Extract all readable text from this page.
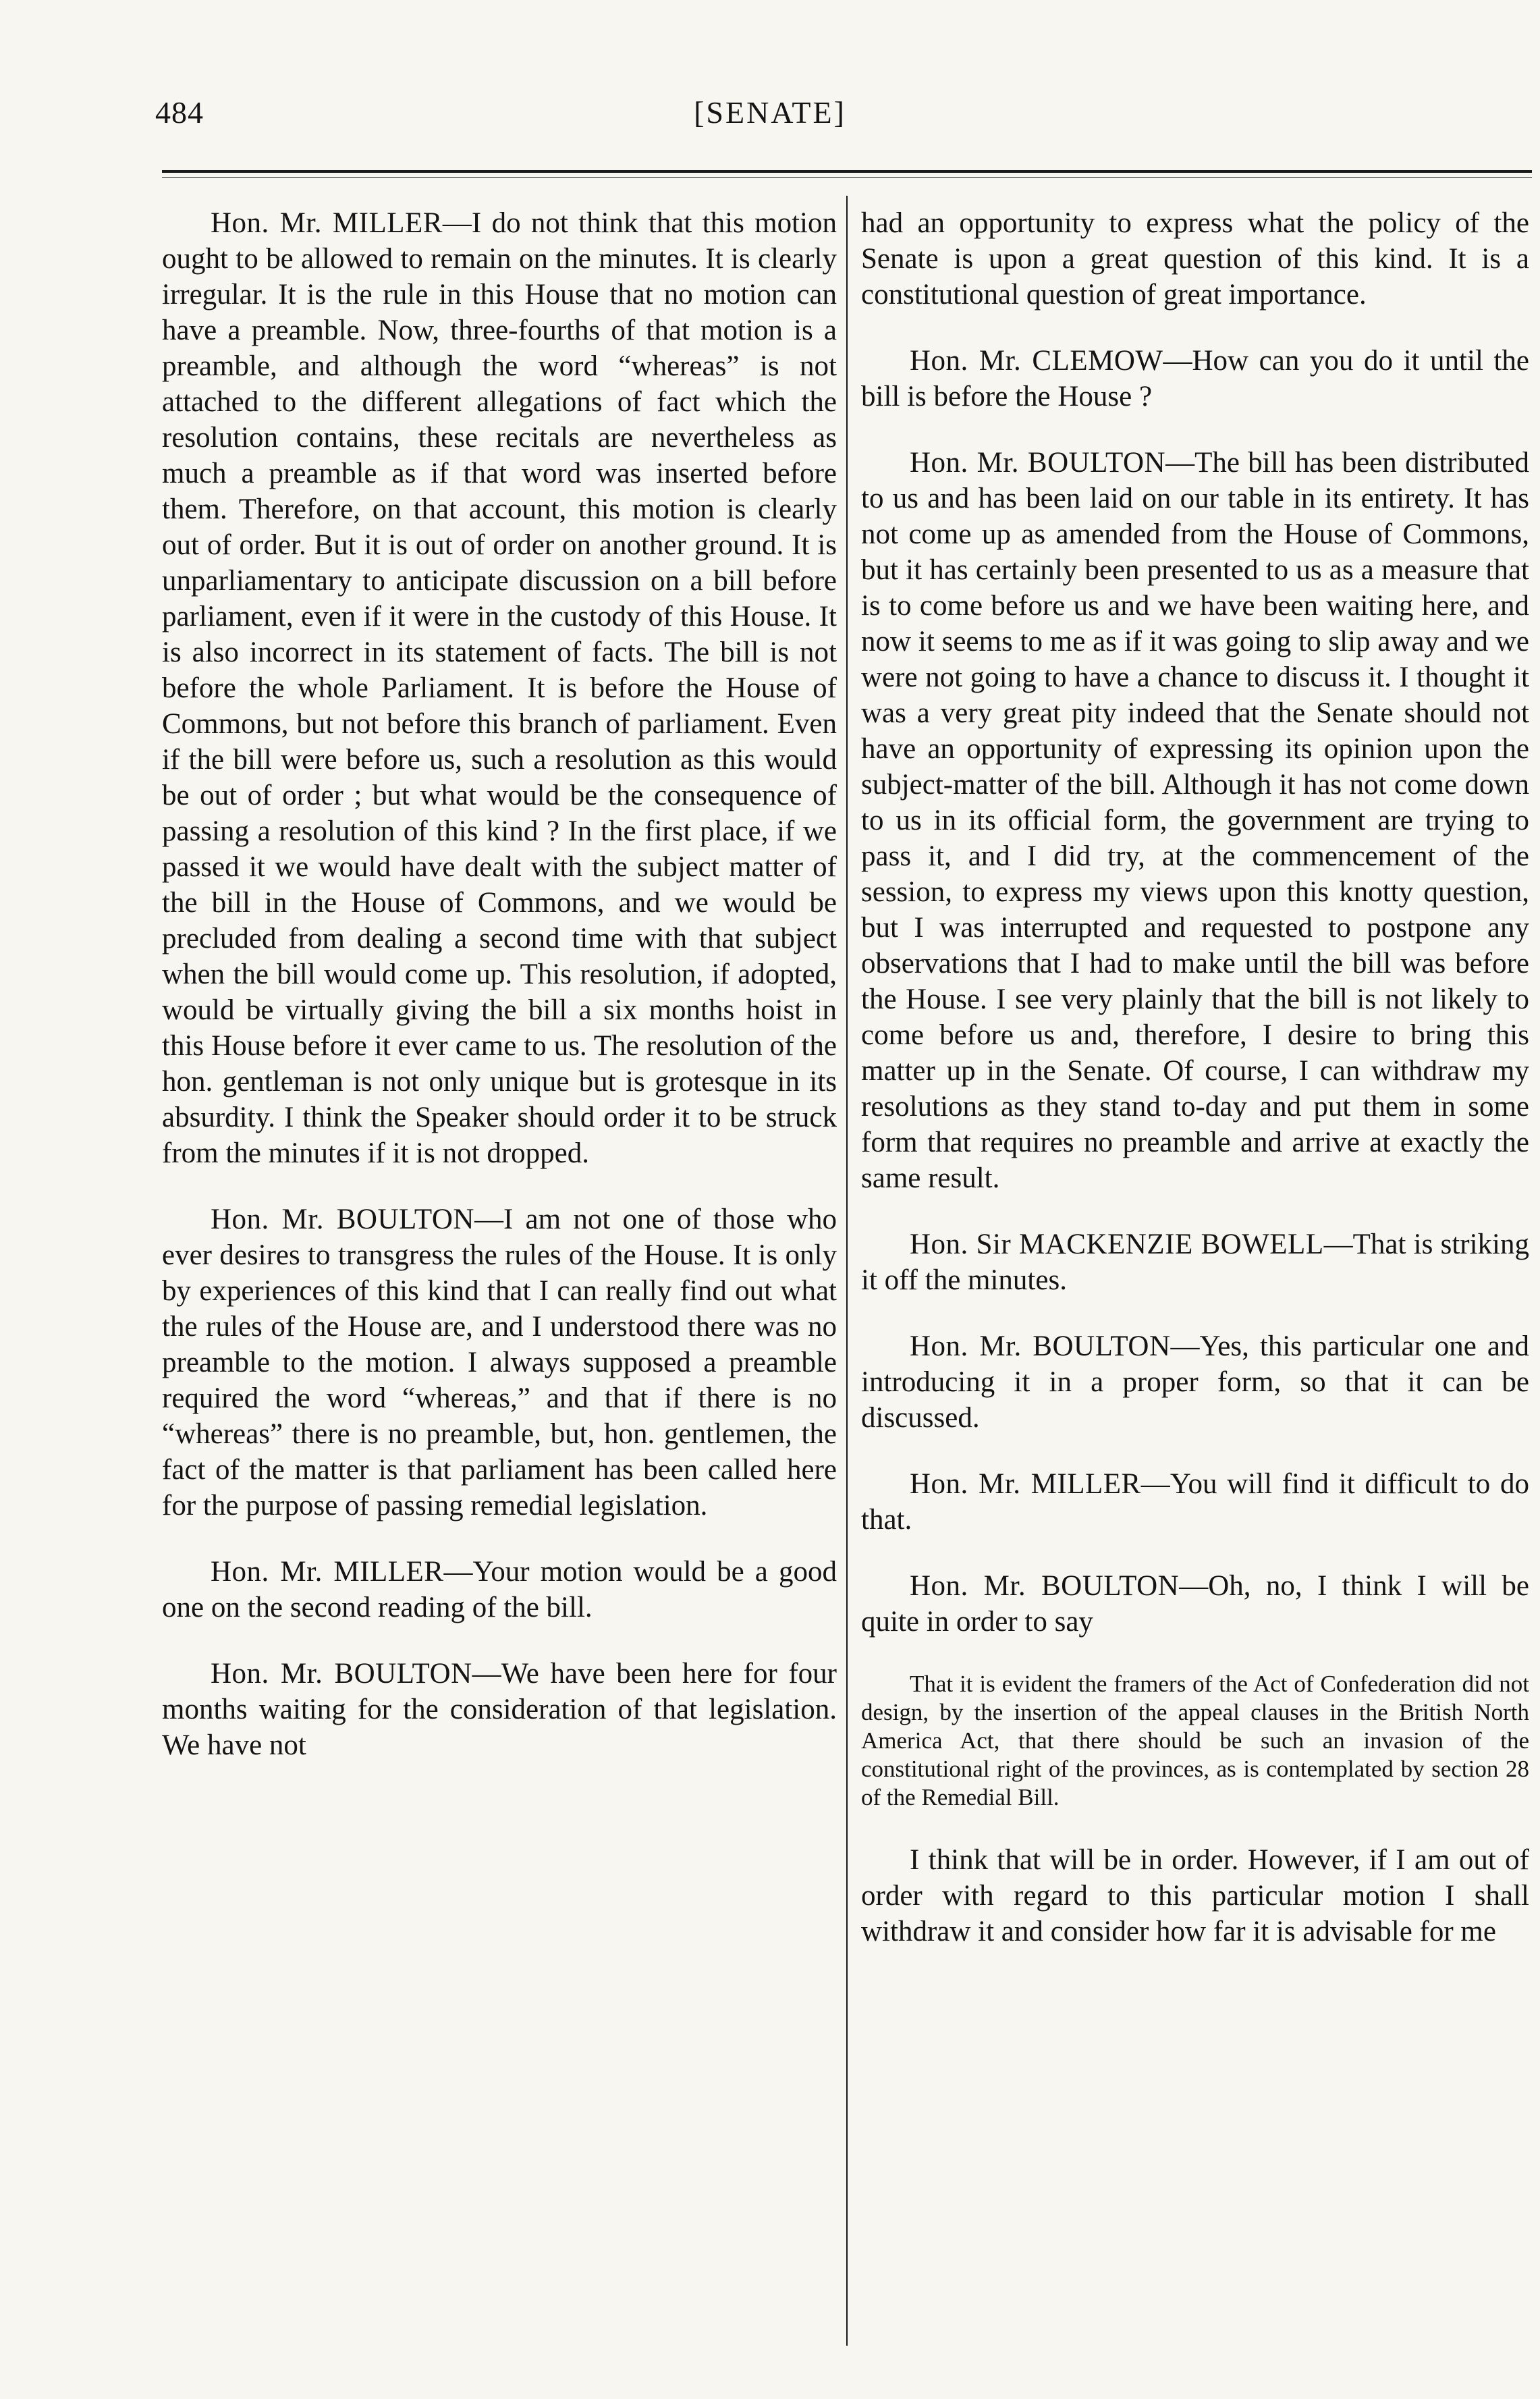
484	[SENATE]

Hon. Mr. MILLER—I do not think that this motion ought to be allowed to remain on the minutes. It is clearly irregular. It is the rule in this House that no motion can have a preamble. Now, three-fourths of that motion is a preamble, and although the word “whereas” is not attached to the different allegations of fact which the resolution contains, these recitals are nevertheless as much a preamble as if that word was inserted before them. Therefore, on that account, this motion is clearly out of order. But it is out of order on another ground. It is unparliamentary to anticipate discussion on a bill before parliament, even if it were in the custody of this House. It is also incorrect in its statement of facts. The bill is not before the whole Parliament. It is before the House of Commons, but not before this branch of parliament. Even if the bill were before us, such a resolution as this would be out of order ; but what would be the consequence of passing a resolution of this kind ? In the first place, if we passed it we would have dealt with the subject matter of the bill in the House of Commons, and we would be precluded from dealing a second time with that subject when the bill would come up. This resolution, if adopted, would be virtually giving the bill a six months hoist in this House before it ever came to us. The resolution of the hon. gentleman is not only unique but is grotesque in its absurdity. I think the Speaker should order it to be struck from the minutes if it is not dropped.

Hon. Mr. BOULTON—I am not one of those who ever desires to transgress the rules of the House. It is only by experiences of this kind that I can really find out what the rules of the House are, and I understood there was no preamble to the motion. I always supposed a preamble required the word “whereas,” and that if there is no “whereas” there is no preamble, but, hon. gentlemen, the fact of the matter is that parliament has been called here for the purpose of passing remedial legislation.

Hon. Mr. MILLER—Your motion would be a good one on the second reading of the bill.

Hon. Mr. BOULTON—We have been here for four months waiting for the consideration of that legislation. We have not

had an opportunity to express what the policy of the Senate is upon a great question of this kind. It is a constitutional question of great importance.

Hon. Mr. CLEMOW—How can you do it until the bill is before the House ?

Hon. Mr. BOULTON—The bill has been distributed to us and has been laid on our table in its entirety. It has not come up as amended from the House of Commons, but it has certainly been presented to us as a measure that is to come before us and we have been waiting here, and now it seems to me as if it was going to slip away and we were not going to have a chance to discuss it. I thought it was a very great pity indeed that the Senate should not have an opportunity of expressing its opinion upon the subject-matter of the bill. Although it has not come down to us in its official form, the government are trying to pass it, and I did try, at the commencement of the session, to express my views upon this knotty question, but I was interrupted and requested to postpone any observations that I had to make until the bill was before the House. I see very plainly that the bill is not likely to come before us and, therefore, I desire to bring this matter up in the Senate. Of course, I can withdraw my resolutions as they stand to-day and put them in some form that requires no preamble and arrive at exactly the same result.

Hon. Sir MACKENZIE BOWELL—That is striking it off the minutes.

Hon. Mr. BOULTON—Yes, this particular one and introducing it in a proper form, so that it can be discussed.

Hon. Mr. MILLER—You will find it difficult to do that.

Hon. Mr. BOULTON—Oh, no, I think I will be quite in order to say

That it is evident the framers of the Act of Confederation did not design, by the insertion of the appeal clauses in the British North America Act, that there should be such an invasion of the constitutional right of the provinces, as is contemplated by section 28 of the Remedial Bill.

I think that will be in order. However, if I am out of order with regard to this particular motion I shall withdraw it and consider how far it is advisable for me
